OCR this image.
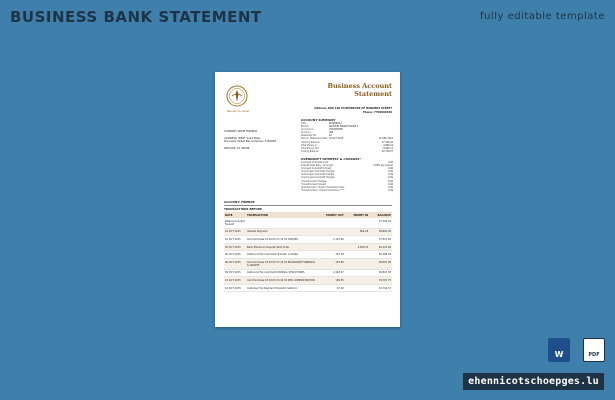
BUSINESS BANK STATEMENT	fully editable template
Banque du Liban
Business Account
Statement
Address: RUE 168 ST-EPEREUSE OF BANDERS STREET
Phone: 7790890430
COMPANY NAME FIREBOX
ADDRESS: WEST Saint Peter,
Princesse Street Bas Andersen 7784958
ZIPCODE, EL 44086
ACCOUNT SUMMARY
Title	BUSINESS A
Branch	CROCKET BRANCH BANK 3
Account no	0134006785
Currency	LBP
Statement No	42
Period / Statement Date 01 OCT 2015	31 DEC 2015
Opening Balance	37,726.44
Total Money In	4,860.24
Total Money Out	9,867.11
Closing Balance	32,719.57
OVERDRAFT INTEREST & CHARGES*
Arranged Overdraft Limit	0.00
Interest Rate Rate - Arranged	0.00% per annum
Arranged Overdraft Interest	0.00
Unarranged Overdraft Charges	0.00
Unarranged Overdraft Interest	0.00
Unarranged Overdraft Charges	0.00
*Unauthorised Charges	0.00
*Unauthorised Interest	0.00
Unauthorised / Unpaid Transaction Fees	0.00
*Unauthorised / Unpaid Transaction ***	0.00
ACCOUNT: FIREBOX
TRANSACTIONS BEFORE
DATE	TRANSACTION	MONEY OUT	MONEY IN	BALANCE
Balance brought forward				37,726.44
01 OCT 2015	Interest Payment		864.26	38,626.36
01 OCT 2015	Card Purchase 01 04:03 23 19 32 STAPLES	1,112.80		37,513.56
05 OCT 2015	Bank Electronic Deposit Valid Code		2,309.72	40,123.60
06 OCT 2015	Outbound Fax Automatic Transfer Luckette	197.38		40,286.94
06 OCT 2015	Card Purchase 03 04:03 23 19 32 INSURANCE FUNERALS & GRANTS	133.80		38,010.95
09 OCT 2015	Outbound Fax Automatic PAYROLL STRUCTURES	2,163.27		36,813.38
10 OCT 2015	Card Purchase 03 04:03 23 19 32 DELI ADMINISTRATION	109.55		33,767.75
14 OCT 2015	Customer Fax Payment Proxentix Sellhold	97.20		32,719.57
W	PDF
ehennicotschoepges.lu
